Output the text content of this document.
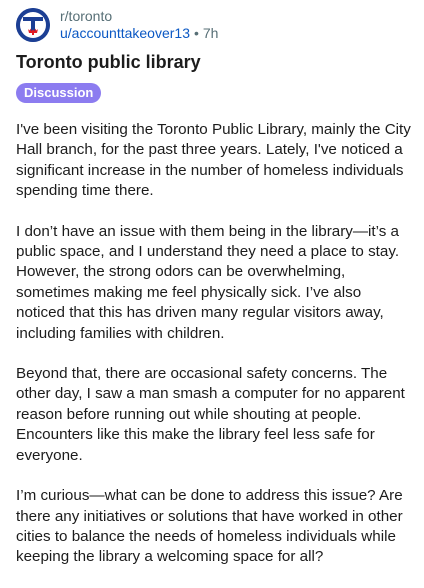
r/toronto
u/accounttakeover13 • 7h
Toronto public library
Discussion

I've been visiting the Toronto Public Library, mainly the City Hall branch, for the past three years. Lately, I've noticed a significant increase in the number of homeless individuals spending time there.

I don’t have an issue with them being in the library—it’s a public space, and I understand they need a place to stay. However, the strong odors can be overwhelming, sometimes making me feel physically sick. I’ve also noticed that this has driven many regular visitors away, including families with children.

Beyond that, there are occasional safety concerns. The other day, I saw a man smash a computer for no apparent reason before running out while shouting at people. Encounters like this make the library feel less safe for everyone.

I’m curious—what can be done to address this issue? Are there any initiatives or solutions that have worked in other cities to balance the needs of homeless individuals while keeping the library a welcoming space for all?
